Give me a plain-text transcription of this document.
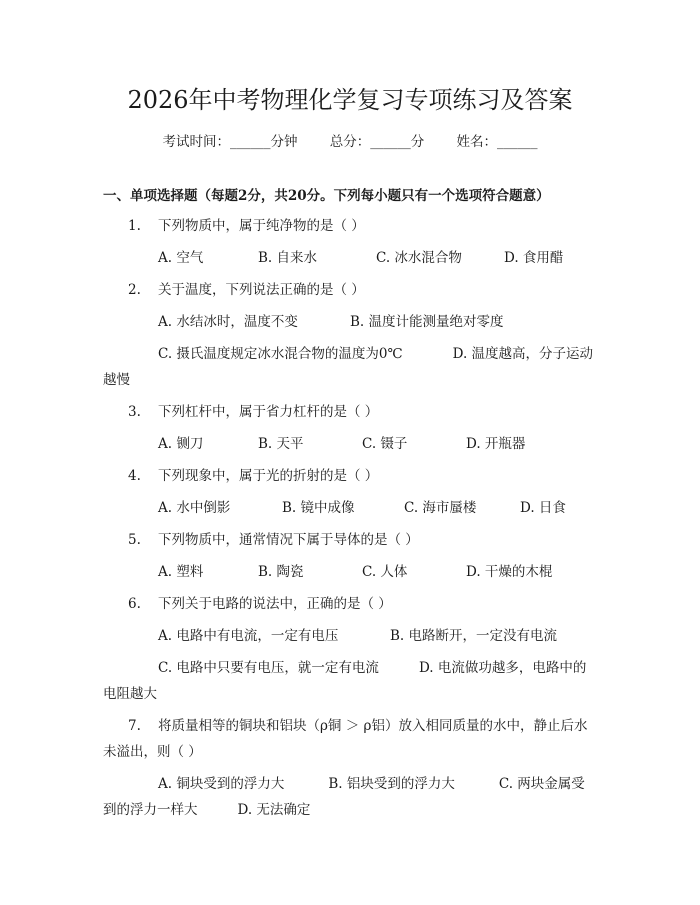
2026年中考物理化学复习专项练习及答案
考试时间：______分钟 总分：______分 姓名：______
一、单项选择题（每题2分，共20分。下列每小题只有一个选项符合题意）
1. 下列物质中，属于纯净物的是（ ）
A. 空气	B. 自来水	C. 冰水混合物	D. 食用醋
2. 关于温度，下列说法正确的是（ ）
A. 水结冰时，温度不变	B. 温度计能测量绝对零度
C. 摄氏温度规定冰水混合物的温度为0℃	D. 温度越高，分子运动越慢
3. 下列杠杆中，属于省力杠杆的是（ ）
A. 铡刀	B. 天平	C. 镊子	D. 开瓶器
4. 下列现象中，属于光的折射的是（ ）
A. 水中倒影	B. 镜中成像	C. 海市蜃楼	D. 日食
5. 下列物质中，通常情况下属于导体的是（ ）
A. 塑料	B. 陶瓷	C. 人体	D. 干燥的木棍
6. 下列关于电路的说法中，正确的是（ ）
A. 电路中有电流，一定有电压	B. 电路断开，一定没有电流
C. 电路中只要有电压，就一定有电流	D. 电流做功越多，电路中的电阻越大
7. 将质量相等的铜块和铝块（ρ铜 ＞ ρ铝）放入相同质量的水中，静止后水未溢出，则（ ）
A. 铜块受到的浮力大	B. 铝块受到的浮力大	C. 两块金属受到的浮力一样大	D. 无法确定
